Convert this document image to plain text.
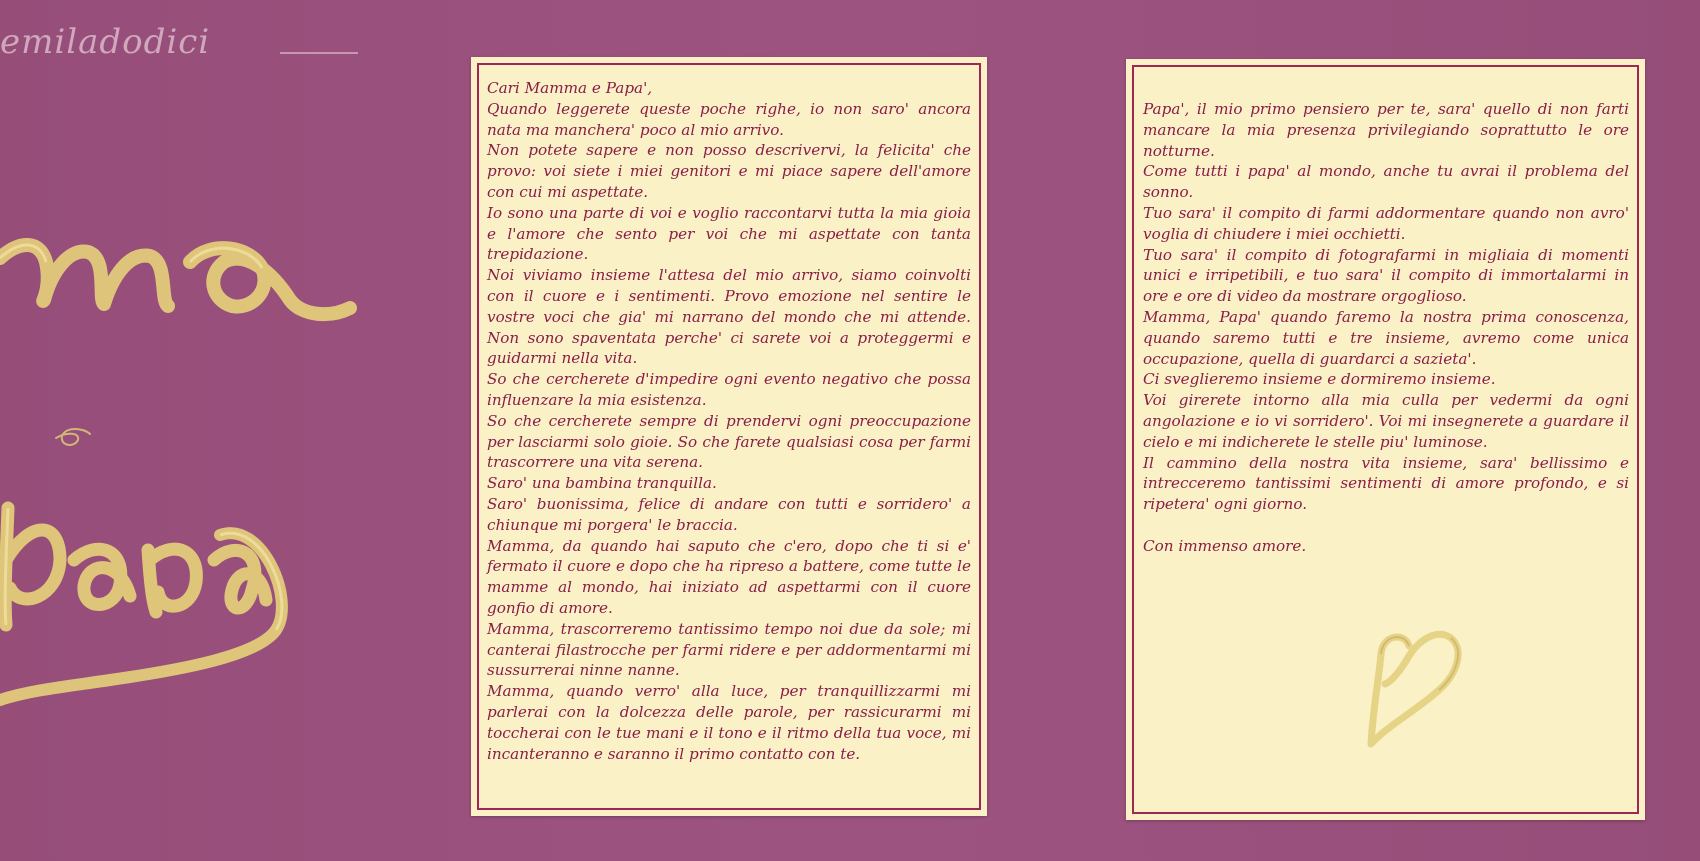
emiladodici

Cari Mamma e Papa',

Quando leggerete queste poche righe, io non saro' ancora nata ma manchera' poco al mio arrivo.

Non potete sapere e non posso descrivervi, la felicita' che provo: voi siete i miei genitori e mi piace sapere dell'amore con cui mi aspettate.

Io sono una parte di voi e voglio raccontarvi tutta la mia gioia e l'amore che sento per voi che mi aspettate con tanta trepidazione.

Noi viviamo insieme l'attesa del mio arrivo, siamo coinvolti con il cuore e i sentimenti. Provo emozione nel sentire le vostre voci che gia' mi narrano del mondo che mi attende. Non sono spaventata perche' ci sarete voi a proteggermi e guidarmi nella vita.

So che cercherete d'impedire ogni evento negativo che possa influenzare la mia esistenza.

So che cercherete sempre di prendervi ogni preoccupazione per lasciarmi solo gioie. So che farete qualsiasi cosa per farmi trascorrere una vita serena.

Saro' una bambina tranquilla.

Saro' buonissima, felice di andare con tutti e sorridero' a chiunque mi porgera' le braccia.

Mamma, da quando hai saputo che c'ero, dopo che ti si e' fermato il cuore e dopo che ha ripreso a battere, come tutte le mamme al mondo, hai iniziato ad aspettarmi con il cuore gonfio di amore.

Mamma, trascorreremo tantissimo tempo noi due da sole; mi canterai filastrocche per farmi ridere e per addormentarmi mi sussurrerai ninne nanne.

Mamma, quando verro' alla luce, per tranquillizzarmi mi parlerai con la dolcezza delle parole, per rassicurarmi mi toccherai con le tue mani e il tono e il ritmo della tua voce, mi incanteranno e saranno il primo contatto con te.

Papa', il mio primo pensiero per te, sara' quello di non farti mancare la mia presenza privilegiando soprattutto le ore notturne.

Come tutti i papa' al mondo, anche tu avrai il problema del sonno.

Tuo sara' il compito di farmi addormentare quando non avro' voglia di chiudere i miei occhietti.

Tuo sara' il compito di fotografarmi in migliaia di momenti unici e irripetibili, e tuo sara' il compito di immortalarmi in ore e ore di video da mostrare orgoglioso.

Mamma, Papa' quando faremo la nostra prima conoscenza, quando saremo tutti e tre insieme, avremo come unica occupazione, quella di guardarci a sazieta'.

Ci sveglieremo insieme e dormiremo insieme.

Voi girerete intorno alla mia culla per vedermi da ogni angolazione e io vi sorridero'. Voi mi insegnerete a guardare il cielo e mi indicherete le stelle piu' luminose.

Il cammino della nostra vita insieme, sara' bellissimo e intrecceremo tantissimi sentimenti di amore profondo, e si ripetera' ogni giorno.

Con immenso amore.
